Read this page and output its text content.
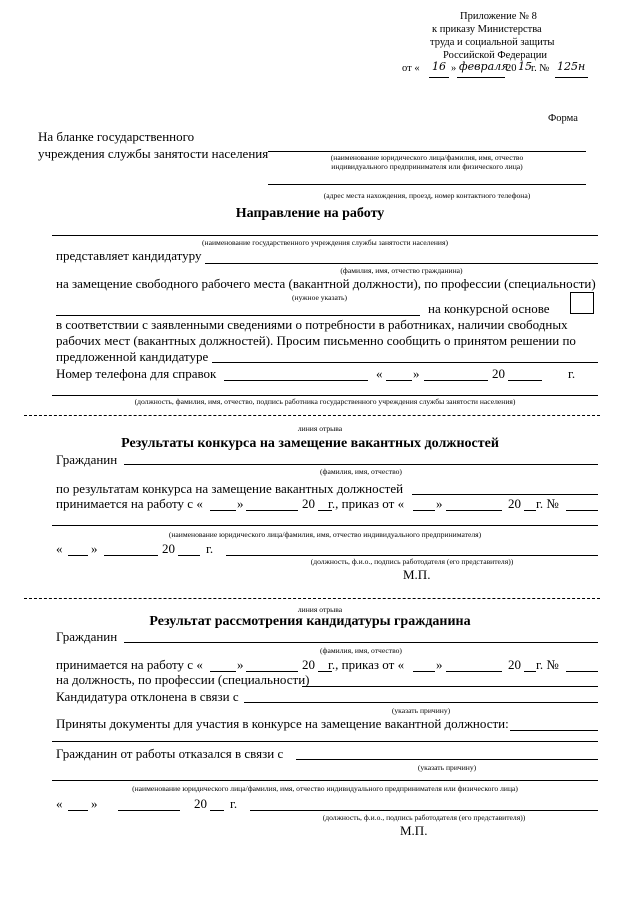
Приложение № 8
к приказу Министерства
труда и социальной защиты
Российской Федерации
от « 16 » февраля
20 15 г. № 125н
Форма
На бланке государственного
учреждения службы занятости населения	(наименование юридического лица/фамилия, имя, отчество
индивидуального предпринимателя или физического лица)
(адрес места нахождения, проезд, номер контактного телефона)
Направление на работу
(наименование государственного учреждения службы занятости населения)
представляет кандидатуру
(фамилия, имя, отчество гражданина)
на замещение свободного рабочего места (вакантной должности), по профессии (специальности)
(нужное указать)
на конкурсной основе
в соответствии с заявленными сведениями о потребности в работниках, наличии свободных
рабочих мест (вакантных должностей). Просим письменно сообщить о принятом решении по
предложенной кандидатуре
Номер телефона для справок	« »	20	г.
(должность, фамилия, имя, отчество, подпись работника государственного учреждения службы занятости населения)
линия отрыва
Результаты конкурса на замещение вакантных должностей
Гражданин
(фамилия, имя, отчество)
по результатам конкурса на замещение вакантных должностей
принимается на работу с «	»	20 г., приказ от « »	20 г. №
(наименование юридического лица/фамилия, имя, отчество индивидуального предпринимателя)
« »	20 г.
(должность, ф.и.о., подпись работодателя (его представителя))
М.П.
линия отрыва
Результат рассмотрения кандидатуры гражданина
Гражданин
(фамилия, имя, отчество)
принимается на работу с «	»	20 г., приказ от « »	20 г. №
на должность, по профессии (специальности)
Кандидатура отклонена в связи с
(указать причину)
Приняты документы для участия в конкурсе на замещение вакантной должности:
Гражданин от работы отказался в связи с
(указать причину)
(наименование юридического лица/фамилия, имя, отчество индивидуального предпринимателя или физического лица)
« »	20 г.
(должность, ф.и.о., подпись работодателя (его представителя))
М.П.
